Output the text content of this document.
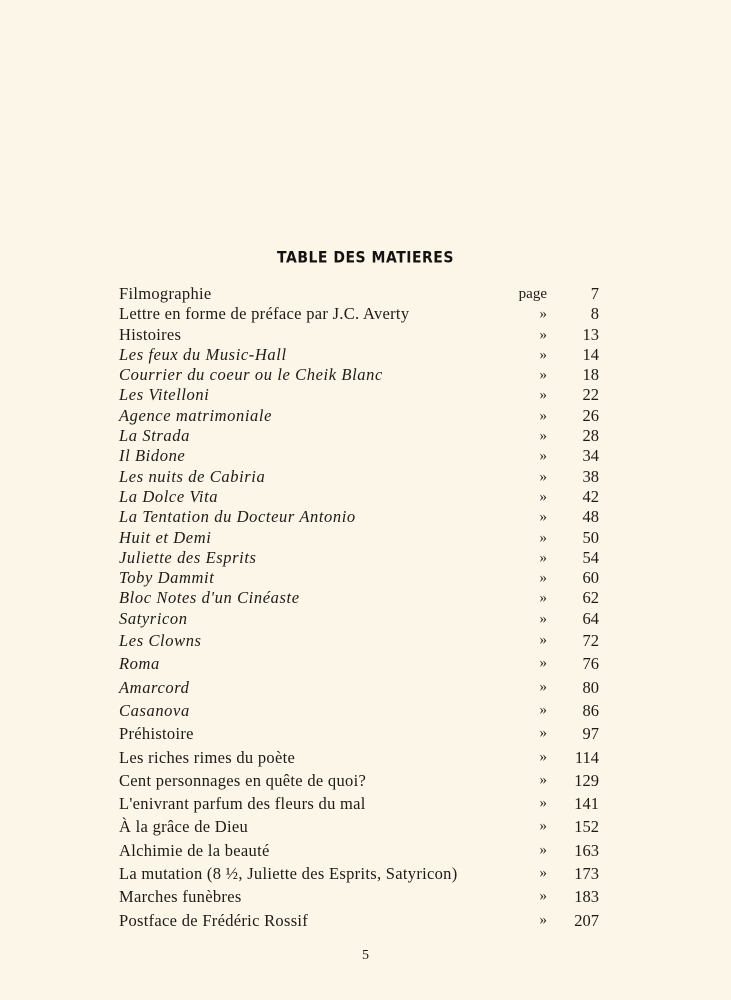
TABLE DES MATIERES
Filmographie	page	7
Lettre en forme de préface par J.C. Averty	»	8
Histoires	» 13
Les feux du Music-Hall	» 14
Courrier du coeur ou le Cheik Blanc	» 18
Les Vitelloni	» 22
Agence matrimoniale	» 26
La Strada	» 28
Il Bidone	» 34
Les nuits de Cabiria	» 38
La Dolce Vita	» 42
La Tentation du Docteur Antonio	» 48
Huit et Demi	» 50
Juliette des Esprits	» 54
Toby Dammit	» 60
Bloc Notes d'un Cinéaste	» 62
Satyricon	» 64
Les Clowns	» 72
Roma	» 76
Amarcord	» 80
Casanova	» 86
Préhistoire	» 97
Les riches rimes du poète	» 114
Cent personnages en quête de quoi?	» 129
L'enivrant parfum des fleurs du mal	» 141
À la grâce de Dieu	» 152
Alchimie de la beauté	» 163
La mutation (8 ½, Juliette des Esprits, Satyricon)	» 173
Marches funèbres	» 183
Postface de Frédéric Rossif	» 207
5
